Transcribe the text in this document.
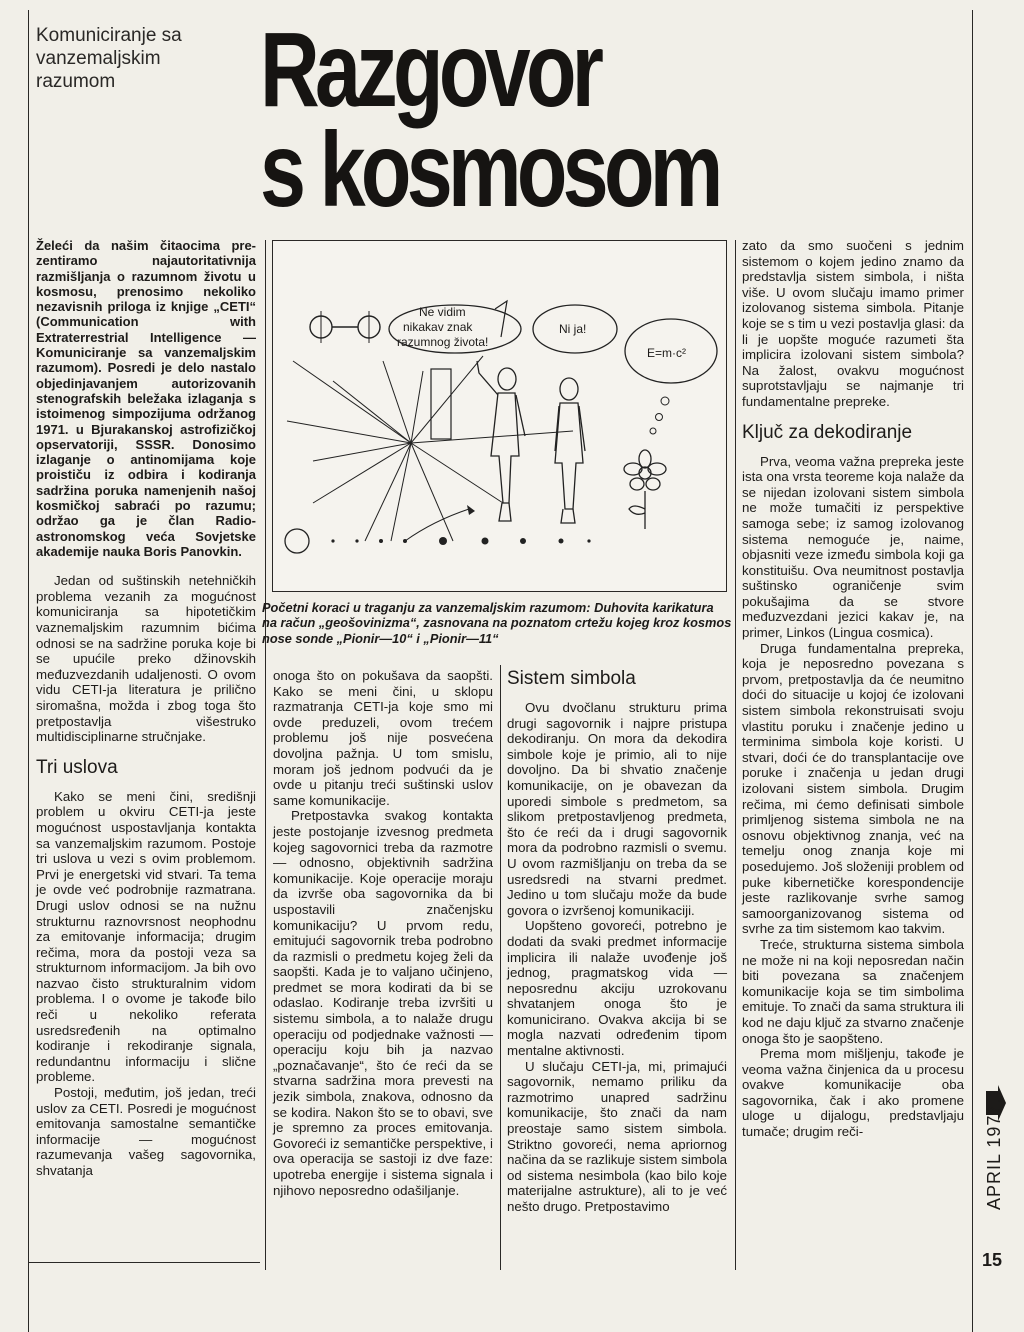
Komuniciranje sa vanzemaljskim razumom	Razgovor
s kosmosom

Želeći da našim čitaocima pre-zentiramo najautoritativnija razmišljanja o razumnom životu u kosmosu, prenosimo nekoliko nezavisnih priloga iz knjige „CETI“ (Communication with Extraterrestrial Intelligence — Komuniciranje sa vanzemaljskim razumom). Posredi je delo nastalo objedinjavanjem autorizovanih stenografskih beležaka izlaganja s istoimenog simpozijuma održanog 1971. u Bjurakanskoj astrofizičkoj opservatoriji, SSSR. Donosimo izlaganje o antinomijama koje proističu iz odbira i kodiranja sadržina poruka namenjenih našoj kosmičkoj sabraći po razumu; održao ga je član Radio-astronomskog veća Sovjetske akademije nauka Boris Panovkin.

Jedan od suštinskih netehničkih problema vezanih za mogućnost komuniciranja sa hipotetičkim vaznemaljskim razumnim bićima odnosi se na sadržine poruka koje bi se upućile preko džinovskih međuzvezdanih udaljenosti. O ovom vidu CETI-ja literatura je prilično siromašna, možda i zbog toga što pretpostavlja višestruko multidisciplinarne stručnjake.

Tri uslova

Kako se meni čini, središnji problem u okviru CETI-ja jeste mogućnost uspostavljanja kontakta sa vanzemaljskim razumom. Postoje tri uslova u vezi s ovim problemom. Prvi je energetski vid stvari. Ta tema je ovde već podrobnije razmatrana. Drugi uslov odnosi se na nužnu strukturnu raznovrsnost neophodnu za emitovanje informacija; drugim rečima, mora da postoji veza sa strukturnom informacijom. Ja bih ovo nazvao čisto strukturalnim vidom problema. I o ovome je takođe bilo reči u nekoliko referata usredsređenih na optimalno kodiranje i rekodiranje signala, redundantnu informaciju i slične probleme.

Postoji, međutim, još jedan, treći uslov za CETI. Posredi je mogućnost emitovanja samostalne semantičke informacije — mogućnost razumevanja vašeg sagovornika, shvatanja

Ne vidim
nikakav znak
razumnog života!
Ni ja!
E=m·c²
Početni koraci u traganju za vanzemaljskim razumom: Duhovita karikatura na račun „geošovinizma“, zasnovana na poznatom crtežu kojeg kroz kosmos nose sonde „Pionir—10“ i „Pionir—11“

onoga što on pokušava da saopšti. Kako se meni čini, u sklopu razmatranja CETI-ja koje smo mi ovde preduzeli, ovom trećem problemu još nije posvećena dovoljna pažnja. U tom smislu, moram još jednom podvući da je ovde u pitanju treći suštinski uslov same komunikacije.

Pretpostavka svakog kontakta jeste postojanje izvesnog predmeta kojeg sagovornici treba da razmotre — odnosno, objektivnih sadržina komunikacije. Koje operacije moraju da izvrše oba sagovornika da bi uspostavili značenjsku komunikaciju? U prvom redu, emitujući sagovornik treba podrobno da razmisli o predmetu kojeg želi da saopšti. Kada je to valjano učinjeno, predmet se mora kodirati da bi se odaslao. Kodiranje treba izvršiti u sistemu simbola, a to nalaže drugu operaciju od podjednake važnosti — operaciju koju bih ja nazvao „poznačavanje“, što će reći da se stvarna sadržina mora prevesti na jezik simbola, znakova, odnosno da se kodira. Nakon što se to obavi, sve je spremno za proces emitovanja. Govoreći iz semantičke perspektive, i ova operacija se sastoji iz dve faze: upotreba energije i sistema signala i njihovo neposredno odašiljanje.

Sistem simbola

Ovu dvočlanu strukturu prima drugi sagovornik i najpre pristupa dekodiranju. On mora da dekodira simbole koje je primio, ali to nije dovoljno. Da bi shvatio značenje komunikacije, on je obavezan da uporedi simbole s predmetom, sa slikom pretpostavljenog predmeta, što će reći da i drugi sagovornik mora da podrobno razmisli o svemu. U ovom razmišljanju on treba da se usredsredi na stvarni predmet. Jedino u tom slučaju može da bude govora o izvršenoj komunikaciji.

Uopšteno govoreći, potrebno je dodati da svaki predmet informacije implicira ili nalaže uvođenje još jednog, pragmatskog vida — neposrednu akciju uzrokovanu shvatanjem onoga što je komunicirano. Ovakva akcija bi se mogla nazvati određenim tipom mentalne aktivnosti.

U slučaju CETI-ja, mi, primajući sagovornik, nemamo priliku da razmotrimo unapred sadržinu komunikacije, što znači da nam preostaje samo sistem simbola. Striktno govoreći, nema apriornog načina da se razlikuje sistem simbola od sistema nesimbola (kao bilo koje materijalne astrukture), ali to je već nešto drugo. Pretpostavimo

zato da smo suočeni s jednim sistemom o kojem jedino znamo da predstavlja sistem simbola, i ništa više. U ovom slučaju imamo primer izolovanog sistema simbola. Pitanje koje se s tim u vezi postavlja glasi: da li je uopšte moguće razumeti šta implicira izolovani sistem simbola? Na žalost, ovakvu mogućnost suprotstavljaju se najmanje tri fundamentalne prepreke.

Ključ za dekodiranje

Prva, veoma važna prepreka jeste ista ona vrsta teoreme koja nalaže da se nijedan izolovani sistem simbola ne može tumačiti iz perspektive samoga sebe; iz samog izolovanog sistema nemoguće je, naime, objasniti veze između simbola koji ga konstituišu. Ova neumitnost postavlja suštinsko ograničenje svim pokušajima da se stvore međuzvezdani jezici kakav je, na primer, Linkos (Lingua cosmica).

Druga fundamentalna prepreka, koja je neposredno povezana s prvom, pretpostavlja da će neumitno doći do situacije u kojoj će izolovani sistem simbola rekonstruisati svoju vlastitu poruku i značenje jedino u terminima simbola koje koristi. U stvari, doći će do transplantacije ove poruke i značenja u jedan drugi izolovani sistem simbola. Drugim rečima, mi ćemo definisati simbole primljenog sistema simbola ne na osnovu objektivnog znanja, već na temelju onog znanja koje mi posedujemo. Još složeniji problem od puke kibernetičke korespondencije jeste razlikovanje svrhe samog samoorganizovanog sistema od svrhe za tim sistemom kao takvim.

Treće, strukturna sistema simbola ne može ni na koji neposredan način biti povezana sa značenjem komunikacije koja se tim simbolima emituje. To znači da sama struktura ili kod ne daju ključ za stvarno značenje onoga što je saopšteno.

Prema mom mišljenju, takođe je veoma važna činjenica da u procesu ovakve komunikacije oba sagovornika, čak i ako promene uloge u dijalogu, predstavljaju tumače; drugim reči-	APRIL 1977.
15
